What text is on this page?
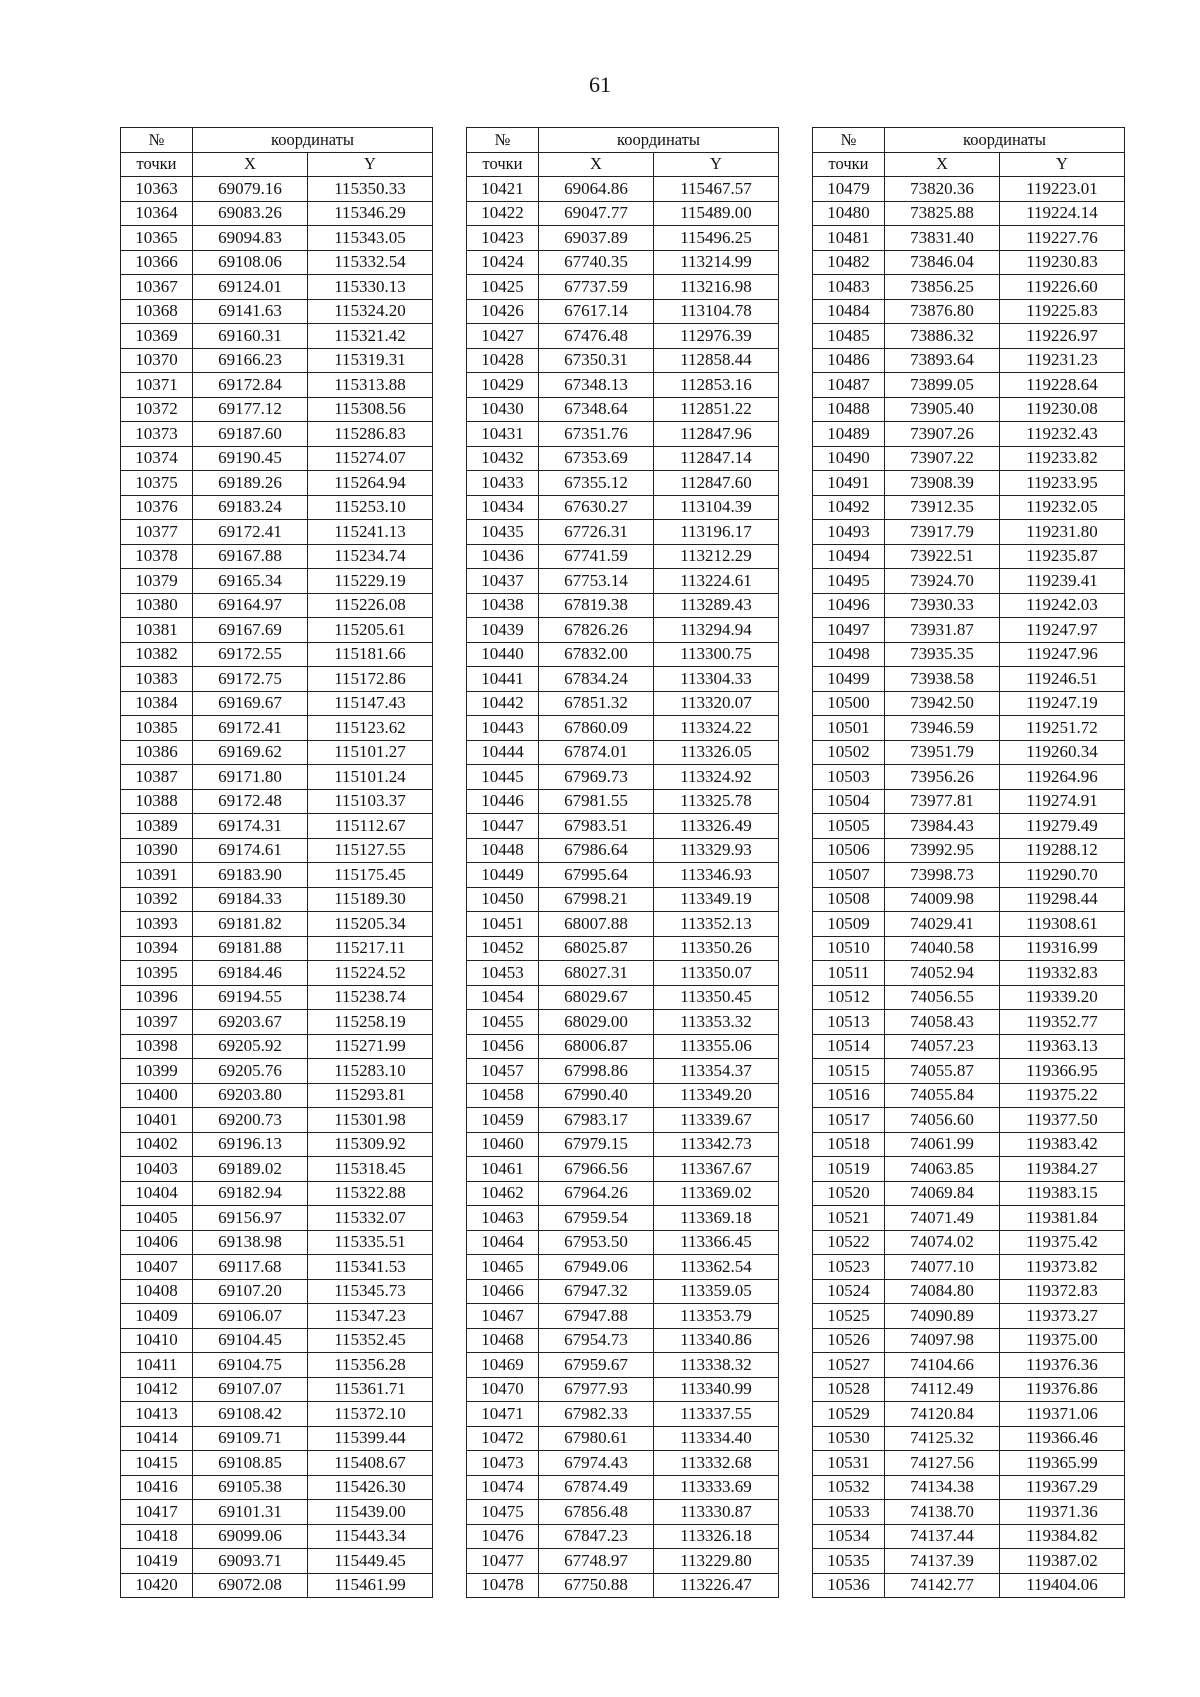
61
№	координаты	
точки	X	Y
10363	69079.16	115350.33
10364	69083.26	115346.29
10365	69094.83	115343.05
10366	69108.06	115332.54
10367	69124.01	115330.13
10368	69141.63	115324.20
10369	69160.31	115321.42
10370	69166.23	115319.31
10371	69172.84	115313.88
10372	69177.12	115308.56
10373	69187.60	115286.83
10374	69190.45	115274.07
10375	69189.26	115264.94
10376	69183.24	115253.10
10377	69172.41	115241.13
10378	69167.88	115234.74
10379	69165.34	115229.19
10380	69164.97	115226.08
10381	69167.69	115205.61
10382	69172.55	115181.66
10383	69172.75	115172.86
10384	69169.67	115147.43
10385	69172.41	115123.62
10386	69169.62	115101.27
10387	69171.80	115101.24
10388	69172.48	115103.37
10389	69174.31	115112.67
10390	69174.61	115127.55
10391	69183.90	115175.45
10392	69184.33	115189.30
10393	69181.82	115205.34
10394	69181.88	115217.11
10395	69184.46	115224.52
10396	69194.55	115238.74
10397	69203.67	115258.19
10398	69205.92	115271.99
10399	69205.76	115283.10
10400	69203.80	115293.81
10401	69200.73	115301.98
10402	69196.13	115309.92
10403	69189.02	115318.45
10404	69182.94	115322.88
10405	69156.97	115332.07
10406	69138.98	115335.51
10407	69117.68	115341.53
10408	69107.20	115345.73
10409	69106.07	115347.23
10410	69104.45	115352.45
10411	69104.75	115356.28
10412	69107.07	115361.71
10413	69108.42	115372.10
10414	69109.71	115399.44
10415	69108.85	115408.67
10416	69105.38	115426.30
10417	69101.31	115439.00
10418	69099.06	115443.34
10419	69093.71	115449.45
10420	69072.08	115461.99
№	координаты	
точки	X	Y
10421	69064.86	115467.57
10422	69047.77	115489.00
10423	69037.89	115496.25
10424	67740.35	113214.99
10425	67737.59	113216.98
10426	67617.14	113104.78
10427	67476.48	112976.39
10428	67350.31	112858.44
10429	67348.13	112853.16
10430	67348.64	112851.22
10431	67351.76	112847.96
10432	67353.69	112847.14
10433	67355.12	112847.60
10434	67630.27	113104.39
10435	67726.31	113196.17
10436	67741.59	113212.29
10437	67753.14	113224.61
10438	67819.38	113289.43
10439	67826.26	113294.94
10440	67832.00	113300.75
10441	67834.24	113304.33
10442	67851.32	113320.07
10443	67860.09	113324.22
10444	67874.01	113326.05
10445	67969.73	113324.92
10446	67981.55	113325.78
10447	67983.51	113326.49
10448	67986.64	113329.93
10449	67995.64	113346.93
10450	67998.21	113349.19
10451	68007.88	113352.13
10452	68025.87	113350.26
10453	68027.31	113350.07
10454	68029.67	113350.45
10455	68029.00	113353.32
10456	68006.87	113355.06
10457	67998.86	113354.37
10458	67990.40	113349.20
10459	67983.17	113339.67
10460	67979.15	113342.73
10461	67966.56	113367.67
10462	67964.26	113369.02
10463	67959.54	113369.18
10464	67953.50	113366.45
10465	67949.06	113362.54
10466	67947.32	113359.05
10467	67947.88	113353.79
10468	67954.73	113340.86
10469	67959.67	113338.32
10470	67977.93	113340.99
10471	67982.33	113337.55
10472	67980.61	113334.40
10473	67974.43	113332.68
10474	67874.49	113333.69
10475	67856.48	113330.87
10476	67847.23	113326.18
10477	67748.97	113229.80
10478	67750.88	113226.47
№	координаты	
точки	X	Y
10479	73820.36	119223.01
10480	73825.88	119224.14
10481	73831.40	119227.76
10482	73846.04	119230.83
10483	73856.25	119226.60
10484	73876.80	119225.83
10485	73886.32	119226.97
10486	73893.64	119231.23
10487	73899.05	119228.64
10488	73905.40	119230.08
10489	73907.26	119232.43
10490	73907.22	119233.82
10491	73908.39	119233.95
10492	73912.35	119232.05
10493	73917.79	119231.80
10494	73922.51	119235.87
10495	73924.70	119239.41
10496	73930.33	119242.03
10497	73931.87	119247.97
10498	73935.35	119247.96
10499	73938.58	119246.51
10500	73942.50	119247.19
10501	73946.59	119251.72
10502	73951.79	119260.34
10503	73956.26	119264.96
10504	73977.81	119274.91
10505	73984.43	119279.49
10506	73992.95	119288.12
10507	73998.73	119290.70
10508	74009.98	119298.44
10509	74029.41	119308.61
10510	74040.58	119316.99
10511	74052.94	119332.83
10512	74056.55	119339.20
10513	74058.43	119352.77
10514	74057.23	119363.13
10515	74055.87	119366.95
10516	74055.84	119375.22
10517	74056.60	119377.50
10518	74061.99	119383.42
10519	74063.85	119384.27
10520	74069.84	119383.15
10521	74071.49	119381.84
10522	74074.02	119375.42
10523	74077.10	119373.82
10524	74084.80	119372.83
10525	74090.89	119373.27
10526	74097.98	119375.00
10527	74104.66	119376.36
10528	74112.49	119376.86
10529	74120.84	119371.06
10530	74125.32	119366.46
10531	74127.56	119365.99
10532	74134.38	119367.29
10533	74138.70	119371.36
10534	74137.44	119384.82
10535	74137.39	119387.02
10536	74142.77	119404.06
